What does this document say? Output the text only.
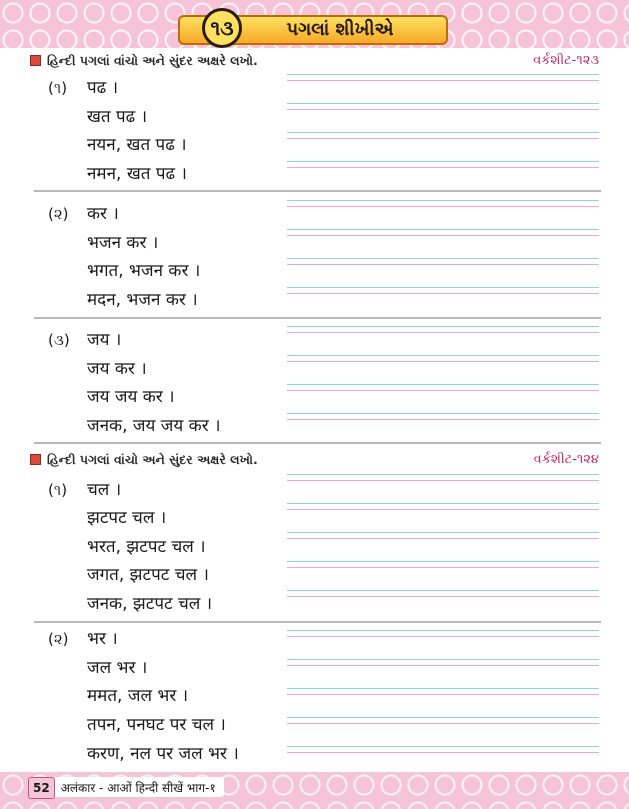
૧૩	પગલાં શીખીએ
હિન્દી પગલાં વાંચો અને સુંદર અક્ષરે લખો.	વર્કશીટ-૧૨૩
(૧) पढ ।
खत पढ ।
नयन, खत पढ ।
नमन, खत पढ ।
(૨) कर ।
भजन कर ।
भगत, भजन कर ।
मदन, भजन कर ।
(૩) जय ।
जय कर ।
जय जय कर ।
जनक, जय जय कर ।
હિન્દી પગલાં વાંચો અને સુંદર અક્ષરે લખો.	વર્કશીટ-૧૨૪
(૧) चल ।
झटपट चल ।
भरत, झटपट चल ।
जगत, झटपट चल ।
जनक, झटपट चल ।
(૨) भर ।
जल भर ।
ममत, जल भर ।
तपन, पनघट पर चल ।
करण, नल पर जल भर ।
52 अलंकार - आओं हिन्दी सीखें भाग-१
